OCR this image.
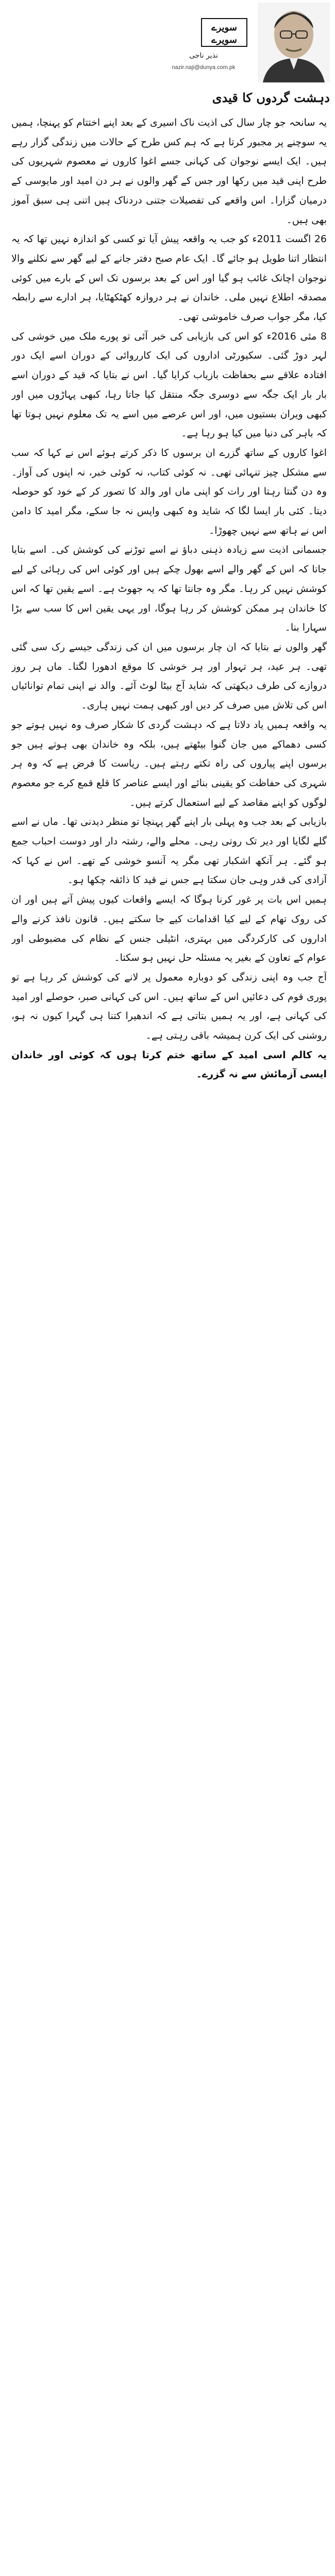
سویرے
سویرے
نذیر ناجی
nazir.naji@dunya.com.pk
دہشت گردوں کا قیدی

یہ سانحہ جو چار سال کی اذیت ناک اسیری کے بعد اپنے اختتام کو پہنچا، ہمیں یہ سوچنے پر مجبور کرتا ہے کہ ہم کس طرح کے حالات میں زندگی گزار رہے ہیں۔ ایک ایسے نوجوان کی کہانی جسے اغوا کاروں نے معصوم شہریوں کی طرح اپنی قید میں رکھا اور جس کے گھر والوں نے ہر دن امید اور مایوسی کے درمیان گزارا۔ اس واقعے کی تفصیلات جتنی دردناک ہیں اتنی ہی سبق آموز بھی ہیں۔

26 اگست 2011ء کو جب یہ واقعہ پیش آیا تو کسی کو اندازہ نہیں تھا کہ یہ انتظار اتنا طویل ہو جائے گا۔ ایک عام صبح دفتر جانے کے لیے گھر سے نکلنے والا نوجوان اچانک غائب ہو گیا اور اس کے بعد برسوں تک اس کے بارے میں کوئی مصدقہ اطلاع نہیں ملی۔ خاندان نے ہر دروازہ کھٹکھٹایا، ہر ادارے سے رابطہ کیا، مگر جواب صرف خاموشی تھی۔

8 مئی 2016ء کو اس کی بازیابی کی خبر آئی تو پورے ملک میں خوشی کی لہر دوڑ گئی۔ سکیورٹی اداروں کی ایک کارروائی کے دوران اسے ایک دور افتادہ علاقے سے بحفاظت بازیاب کرایا گیا۔ اس نے بتایا کہ قید کے دوران اسے بار بار ایک جگہ سے دوسری جگہ منتقل کیا جاتا رہا، کبھی پہاڑوں میں اور کبھی ویران بستیوں میں، اور اس عرصے میں اسے یہ تک معلوم نہیں ہوتا تھا کہ باہر کی دنیا میں کیا ہو رہا ہے۔

اغوا کاروں کے ساتھ گزرے ان برسوں کا ذکر کرتے ہوئے اس نے کہا کہ سب سے مشکل چیز تنہائی تھی۔ نہ کوئی کتاب، نہ کوئی خبر، نہ اپنوں کی آواز۔ وہ دن گنتا رہتا اور رات کو اپنی ماں اور والد کا تصور کر کے خود کو حوصلہ دیتا۔ کئی بار ایسا لگا کہ شاید وہ کبھی واپس نہ جا سکے، مگر امید کا دامن اس نے ہاتھ سے نہیں چھوڑا۔

جسمانی اذیت سے زیادہ ذہنی دباؤ نے اسے توڑنے کی کوشش کی۔ اسے بتایا جاتا کہ اس کے گھر والے اسے بھول چکے ہیں اور کوئی اس کی رہائی کے لیے کوشش نہیں کر رہا۔ مگر وہ جانتا تھا کہ یہ جھوٹ ہے۔ اسے یقین تھا کہ اس کا خاندان ہر ممکن کوشش کر رہا ہوگا، اور یہی یقین اس کا سب سے بڑا سہارا بنا۔

گھر والوں نے بتایا کہ ان چار برسوں میں ان کی زندگی جیسے رک سی گئی تھی۔ ہر عید، ہر تہوار اور ہر خوشی کا موقع ادھورا لگتا۔ ماں ہر روز دروازے کی طرف دیکھتی کہ شاید آج بیٹا لوٹ آئے۔ والد نے اپنی تمام توانائیاں اس کی تلاش میں صرف کر دیں اور کبھی ہمت نہیں ہاری۔

یہ واقعہ ہمیں یاد دلاتا ہے کہ دہشت گردی کا شکار صرف وہ نہیں ہوتے جو کسی دھماکے میں جان گنوا بیٹھتے ہیں، بلکہ وہ خاندان بھی ہوتے ہیں جو برسوں اپنے پیاروں کی راہ تکتے رہتے ہیں۔ ریاست کا فرض ہے کہ وہ ہر شہری کی حفاظت کو یقینی بنائے اور ایسے عناصر کا قلع قمع کرے جو معصوم لوگوں کو اپنے مقاصد کے لیے استعمال کرتے ہیں۔

بازیابی کے بعد جب وہ پہلی بار اپنے گھر پہنچا تو منظر دیدنی تھا۔ ماں نے اسے گلے لگایا اور دیر تک روتی رہی۔ محلے والے، رشتہ دار اور دوست احباب جمع ہو گئے۔ ہر آنکھ اشکبار تھی مگر یہ آنسو خوشی کے تھے۔ اس نے کہا کہ آزادی کی قدر وہی جان سکتا ہے جس نے قید کا ذائقہ چکھا ہو۔

ہمیں اس بات پر غور کرنا ہوگا کہ ایسے واقعات کیوں پیش آتے ہیں اور ان کی روک تھام کے لیے کیا اقدامات کیے جا سکتے ہیں۔ قانون نافذ کرنے والے اداروں کی کارکردگی میں بہتری، انٹیلی جنس کے نظام کی مضبوطی اور عوام کے تعاون کے بغیر یہ مسئلہ حل نہیں ہو سکتا۔

آج جب وہ اپنی زندگی کو دوبارہ معمول پر لانے کی کوشش کر رہا ہے تو پوری قوم کی دعائیں اس کے ساتھ ہیں۔ اس کی کہانی صبر، حوصلے اور امید کی کہانی ہے، اور یہ ہمیں بتاتی ہے کہ اندھیرا کتنا ہی گہرا کیوں نہ ہو، روشنی کی ایک کرن ہمیشہ باقی رہتی ہے۔

یہ کالم اسی امید کے ساتھ ختم کرتا ہوں کہ کوئی اور خاندان ایسی آزمائش سے نہ گزرے۔
